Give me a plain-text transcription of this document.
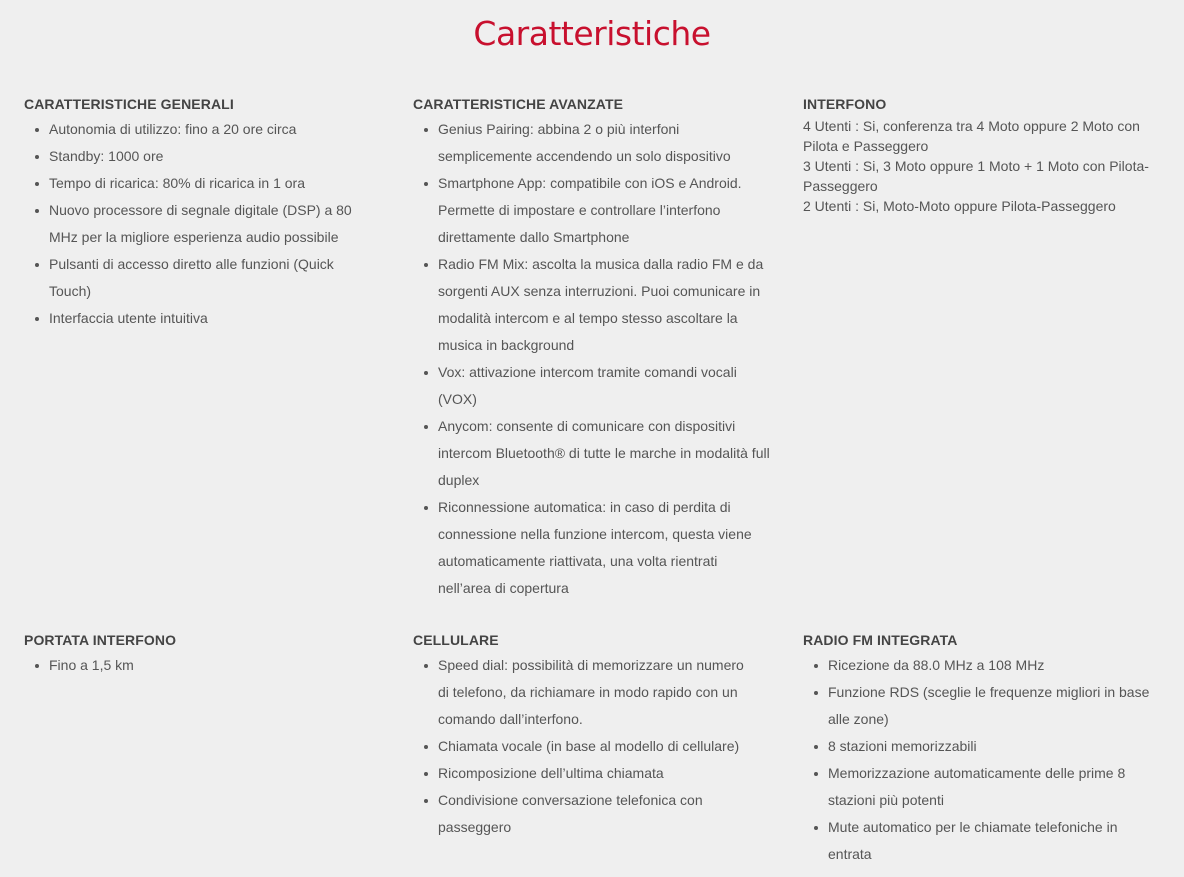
Caratteristiche
CARATTERISTICHE GENERALI
Autonomia di utilizzo: fino a 20 ore circa
Standby: 1000 ore
Tempo di ricarica: 80% di ricarica in 1 ora
Nuovo processore di segnale digitale (DSP) a 80 MHz per la migliore esperienza audio possibile
Pulsanti di accesso diretto alle funzioni (Quick Touch)
Interfaccia utente intuitiva
CARATTERISTICHE AVANZATE
Genius Pairing: abbina 2 o più interfoni semplicemente accendendo un solo dispositivo
Smartphone App: compatibile con iOS e Android. Permette di impostare e controllare l’interfono direttamente dallo Smartphone
Radio FM Mix: ascolta la musica dalla radio FM e da sorgenti AUX senza interruzioni. Puoi comunicare in modalità intercom e al tempo stesso ascoltare la musica in background
Vox: attivazione intercom tramite comandi vocali (VOX)
Anycom: consente di comunicare con dispositivi intercom Bluetooth® di tutte le marche in modalità full duplex
Riconnessione automatica: in caso di perdita di connessione nella funzione intercom, questa viene automaticamente riattivata, una volta rientrati nell’area di copertura
INTERFONO
4 Utenti : Si, conferenza tra 4 Moto oppure 2 Moto con Pilota e Passeggero
3 Utenti : Si, 3 Moto oppure 1 Moto + 1 Moto con Pilota-Passeggero
2 Utenti : Si, Moto-Moto oppure Pilota-Passeggero
PORTATA INTERFONO
Fino a 1,5 km
CELLULARE
Speed dial: possibilità di memorizzare un numero di telefono, da richiamare in modo rapido con un comando dall’interfono.
Chiamata vocale (in base al modello di cellulare)
Ricomposizione dell’ultima chiamata
Condivisione conversazione telefonica con passeggero
RADIO FM INTEGRATA
Ricezione da 88.0 MHz a 108 MHz
Funzione RDS (sceglie le frequenze migliori in base alle zone)
8 stazioni memorizzabili
Memorizzazione automaticamente delle prime 8 stazioni più potenti
Mute automatico per le chiamate telefoniche in entrata
